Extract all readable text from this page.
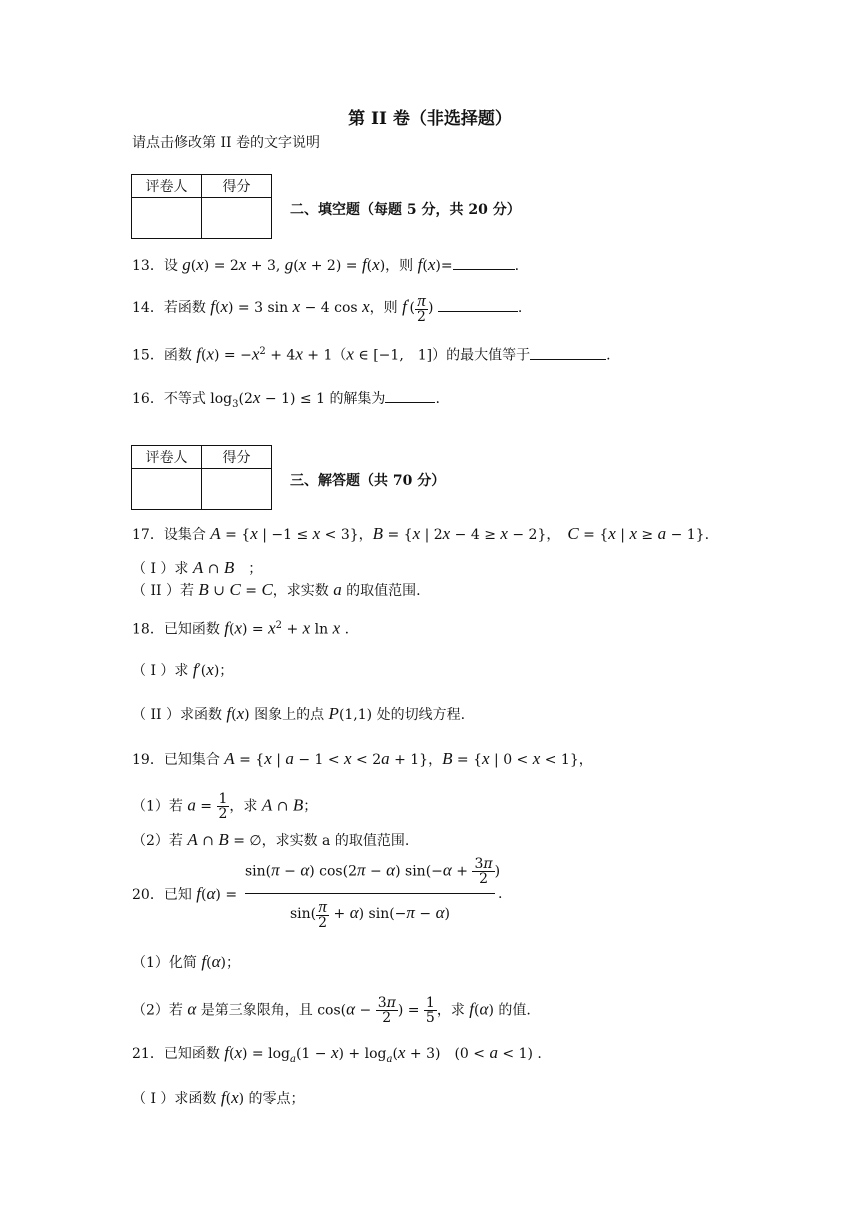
第 II 卷（非选择题）
请点击修改第 II 卷的文字说明
评卷人	得分

二、填空题（每题 5 分，共 20 分）
13．设 g(x) = 2x + 3, g(x + 2) = f(x)，则 f(x)=	.
14．若函数 f(x) = 3 sin x − 4 cos x，则 $f'( \frac{\pi}{2}$ )	.
15．函数 $f(x) = -x^2 + 4x + 1(x$ ∈ [−1,　1]）的最大值等于	.
16．不等式 $\log_3(2x - 1) \le 1$ 的解集为	.
评卷人	得分

三、解答题（共 70 分）
17．设集合 A = {x | −1 ≤ x < 3}，B = {x | 2x − 4 ≥ x − 2}，　C = {x | x ≥ a − 1}.
（ I ）求 A ∩ B　；
（ II ）若 B ∪ C = C，求实数 a 的取值范围.
18．已知函数 $f(x) = x^2 + x$ ln x .
（ I ）求 f′(x)；
（ II ）求函数 f(x) 图象上的点 P(1,1) 处的切线方程.
19．已知集合 A = {x | a − 1 < x < 2a + 1}，B = {x | 0 < x < 1}，
（1）若 $a = \frac{1}{2}$ ，求 A ∩ B；
（2）若 A ∩ B = ∅，求实数 a 的取值范围.
20．已知 f(α) =
sin(π − α) cos(2π − α) $\sin(-\alpha + \frac{3\pi}{2}$ )
$\sin( \frac{\pi}{2} + \alpha)$ sin(−π − α)
.
（1）化简 f(α)；
（2）若 α 是第三象限角，且 $\cos(\alpha - \frac{3\pi}{2}$ ) = $\frac{1}{5}$ ，求 f(α) 的值.
21．已知函数 $f(x) = \log_a(1 - x) + \log_a(x + 3)$　(0 < a < 1) .
（ I ）求函数 f(x) 的零点；
